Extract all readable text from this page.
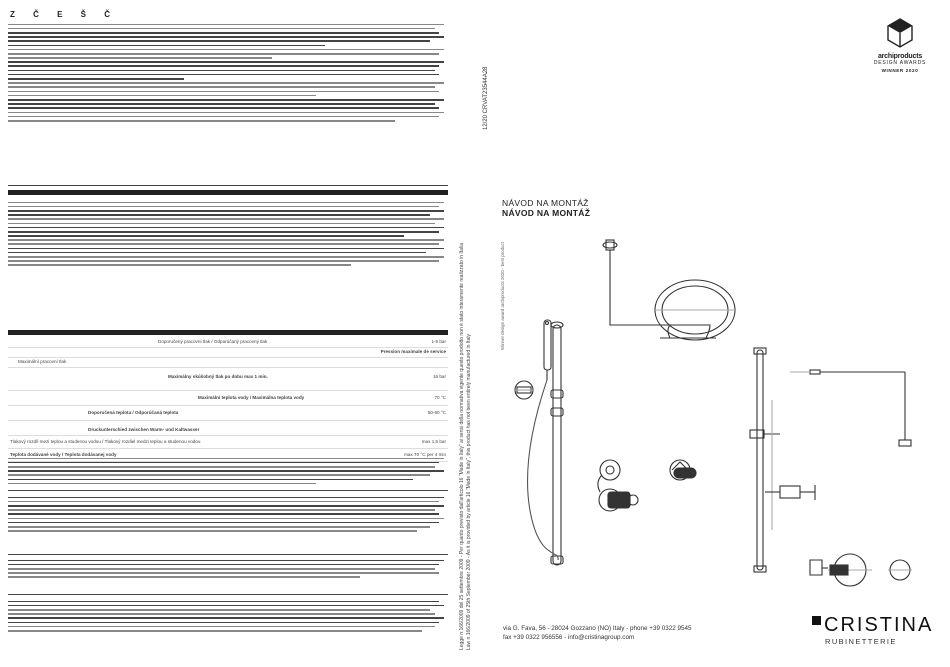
Z Č E Š Č
Doporučený pracovní tlak / Odporúčaný pracovný tlak	1-5 bar
Pression maximale de service
Maximální pracovní tlak
Maximálny skúšobný tlak po dobu max 1 min.	16 bar
Maximální teplota vody / Maximálna teplota vody	70 °C
Doporučená teplota / Odporúčaná teplota	50-60 °C
Druckunterschied zwischen Warm- und Kaltwasser
Tlakový rozdíl mezi teplou a studenou vodou / Tlakový rozdiel medzi teplou a studenou vodou	max 1,5 bar
Teplota dodávané vody / Teplota dodávanej vody	max 70 °C per 4 min	Legge n.166/2009 del 25 settembre 2009 - Per quanto previsto dall'articolo 16 "Made in Italy" ai sensi della normativa vigente questo prodotto non è stato interamente realizzato in Italia Law n.166/2009 of 25th September 2009 - As it is provided by article 16 "Made in Italy", this product has not been entirely manufactured in Italy
12/20 CRVAT23544A28
Winner design award archiproducts 2020 - best product
archiproducts
DESIGN AWARDS
WINNER 2020
NÁVOD NA MONTÁŽ
NÁVOD NA MONTÁŽ
via G. Fava, 56 - 28024 Gozzano (NO) Italy - phone +39 0322 9545
fax +39 0322 956556 - info@cristinagroup.com
CRISTINA
RUBINETTERIE
